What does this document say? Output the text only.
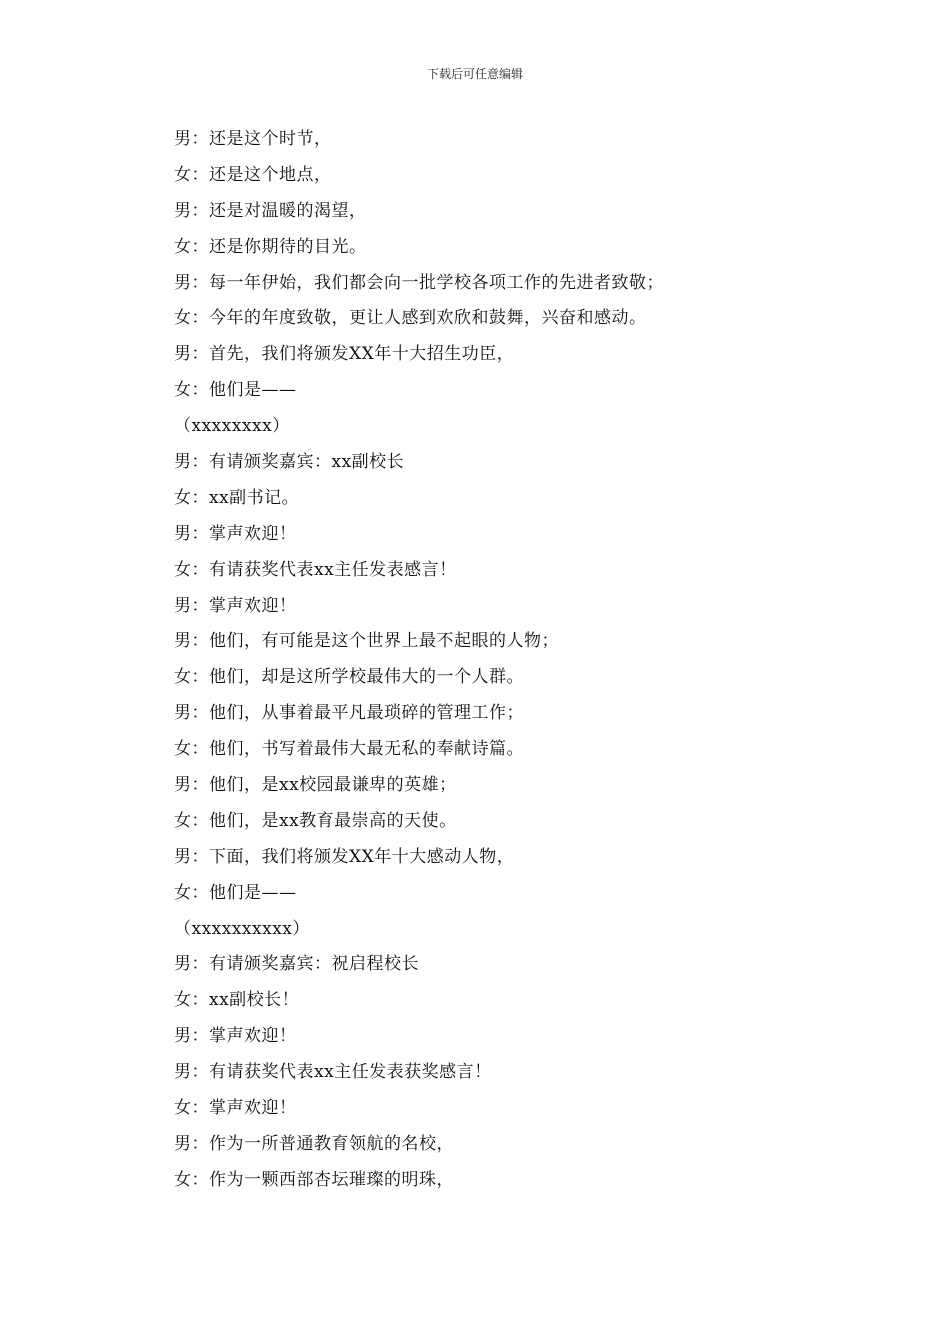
下载后可任意编辑
男：还是这个时节，
女：还是这个地点，
男：还是对温暖的渴望，
女：还是你期待的目光。
男：每一年伊始，我们都会向一批学校各项工作的先进者致敬；
女：今年的年度致敬，更让人感到欢欣和鼓舞，兴奋和感动。
男：首先，我们将颁发XX年十大招生功臣，
女：他们是——
（xxxxxxxx）
男：有请颁奖嘉宾：xx副校长
女：xx副书记。
男：掌声欢迎！
女：有请获奖代表xx主任发表感言！
男：掌声欢迎！
男：他们，有可能是这个世界上最不起眼的人物；
女：他们，却是这所学校最伟大的一个人群。
男：他们，从事着最平凡最琐碎的管理工作；
女：他们，书写着最伟大最无私的奉献诗篇。
男：他们，是xx校园最谦卑的英雄；
女：他们，是xx教育最崇高的天使。
男：下面，我们将颁发XX年十大感动人物，
女：他们是——
（xxxxxxxxxx）
男：有请颁奖嘉宾：祝启程校长
女：xx副校长！
男：掌声欢迎！
男：有请获奖代表xx主任发表获奖感言！
女：掌声欢迎！
男：作为一所普通教育领航的名校，
女：作为一颗西部杏坛璀璨的明珠，
